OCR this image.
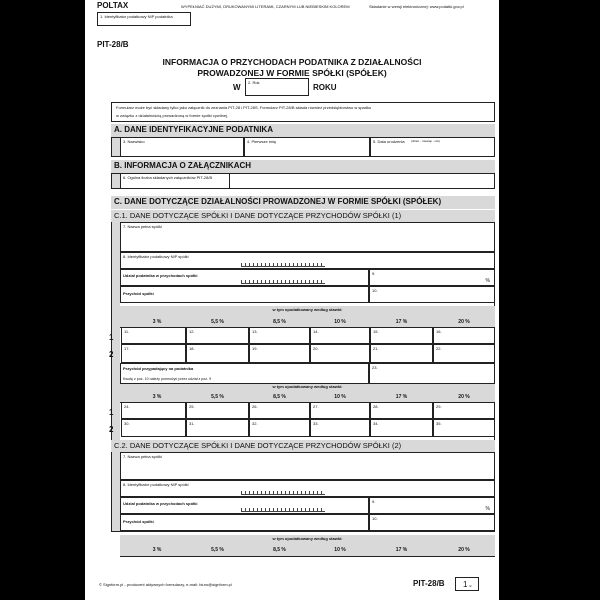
POLTAX	WYPEŁNIAĆ DUŻYMI, DRUKOWANYMI LITERAMI, CZARNYM LUB NIEBIESKIM KOLOREM	Składanie w wersji elektronicznej: www.podatki.gov.pl
1. Identyfikator podatkowy NIP podatnika
PIT-28/B
INFORMACJA O PRZYCHODACH PODATNIKA Z DZIAŁALNOŚCI
PROWADZONEJ W FORMIE SPÓŁKI (SPÓŁEK)
W
2. Rok
ROKU
Formularz może być składany tylko jako załącznik do zeznania PIT-28 i PIT-28S. Formularz PIT-28/B składa również przedsiębiorstwo w spadku
w związku z działalnością prowadzoną w formie spółki cywilnej.
A. DANE IDENTYFIKACYJNE PODATNIKA
3. Nazwisko	4. Pierwsze imię	5. Data urodzenia (dzień - miesiąc - rok)
B. INFORMACJA O ZAŁĄCZNIKACH
6. Ogólna liczba składanych załączników PIT-28/B
C. DANE DOTYCZĄCE DZIAŁALNOŚCI PROWADZONEJ W FORMIE SPÓŁKI (SPÓŁEK)
C.1. DANE DOTYCZĄCE SPÓŁKI I DANE DOTYCZĄCE PRZYCHODÓW SPÓŁKI (1)
7. Nazwa pełna spółki
8. Identyfikator podatkowy NIP spółki
Udział podatnika w przychodach spółki	9.
%
Przychód spółki
10.
w tym opodatkowany według stawki:
3 %	5,5 %	8,5 %	10 %	17 %	20 %
1
11.	12.	13.	14.	15.	16.
2
17.	18.	19.	20.	21.	22.
Przychód przypadający na podatnika
Kwotę z poz. 10 należy pomnożyć przez udział z poz. 9
23.
w tym opodatkowany według stawki:
3 %	5,5 %	8,5 %	10 %	17 %	20 %
1
24.	25.	26.	27.	28.	29.
2
30.	31.	32.	33.	34.	35.
C.2. DANE DOTYCZĄCE SPÓŁKI I DANE DOTYCZĄCE PRZYCHODÓW SPÓŁKI (2)
7. Nazwa pełna spółki
8. Identyfikator podatkowy NIP spółki
Udział podatnika w przychodach spółki	9.
%
Przychód spółki
10.
w tym opodatkowany według stawki:
3 %	5,5 %	8,5 %	10 %	17 %	20 %
© Signform.pl - producent aktywnych formularzy, e-mail: biuro@signform.pl	PIT-28/B 1 /2
